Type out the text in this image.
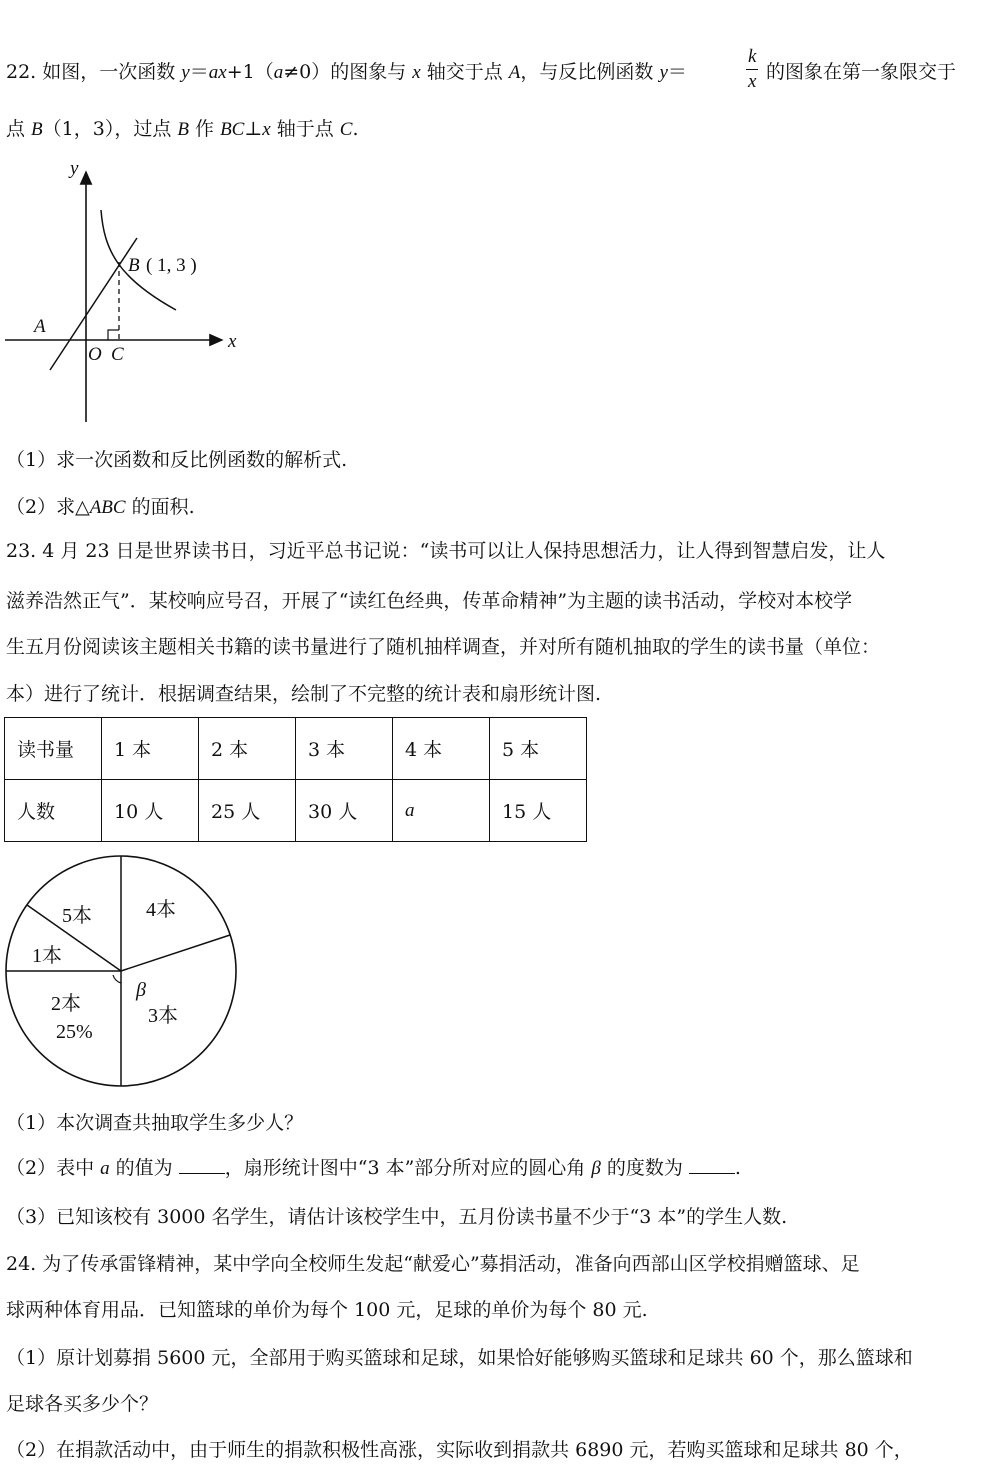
22. 如图，一次函数 y＝ax+1（a≠0）的图象与 x 轴交于点 A，与反比例函数 y＝	$\frac{k}{x}$ 的图象在第一象限交于
点 B（1，3），过点 B 作 BC⊥x 轴于点 C.
y
x
A
O C
B ( 1, 3 )
（1）求一次函数和反比例函数的解析式.
（2）求△ABC 的面积.
23. 4 月 23 日是世界读书日，习近平总书记说：“读书可以让人保持思想活力，让人得到智慧启发，让人
滋养浩然正气”．某校响应号召，开展了“读红色经典，传革命精神”为主题的读书活动，学校对本校学
生五月份阅读该主题相关书籍的读书量进行了随机抽样调查，并对所有随机抽取的学生的读书量（单位：
本）进行了统计．根据调查结果，绘制了不完整的统计表和扇形统计图.
读书量	1 本	2 本	3 本	4 本	5 本
人数	10 人	25 人	30 人	a	15 人
5本	4本
1本
2本
25%
3本
β
（1）本次调查共抽取学生多少人？
（2）表中 a 的值为 ，扇形统计图中“3 本”部分所对应的圆心角 β 的度数为 .
（3）已知该校有 3000 名学生，请估计该校学生中，五月份读书量不少于“3 本”的学生人数.
24. 为了传承雷锋精神，某中学向全校师生发起“献爱心”募捐活动，准备向西部山区学校捐赠篮球、足
球两种体育用品．已知篮球的单价为每个 100 元，足球的单价为每个 80 元.
（1）原计划募捐 5600 元，全部用于购买篮球和足球，如果恰好能够购买篮球和足球共 60 个，那么篮球和
足球各买多少个？
（2）在捐款活动中，由于师生的捐款积极性高涨，实际收到捐款共 6890 元，若购买篮球和足球共 80 个，
